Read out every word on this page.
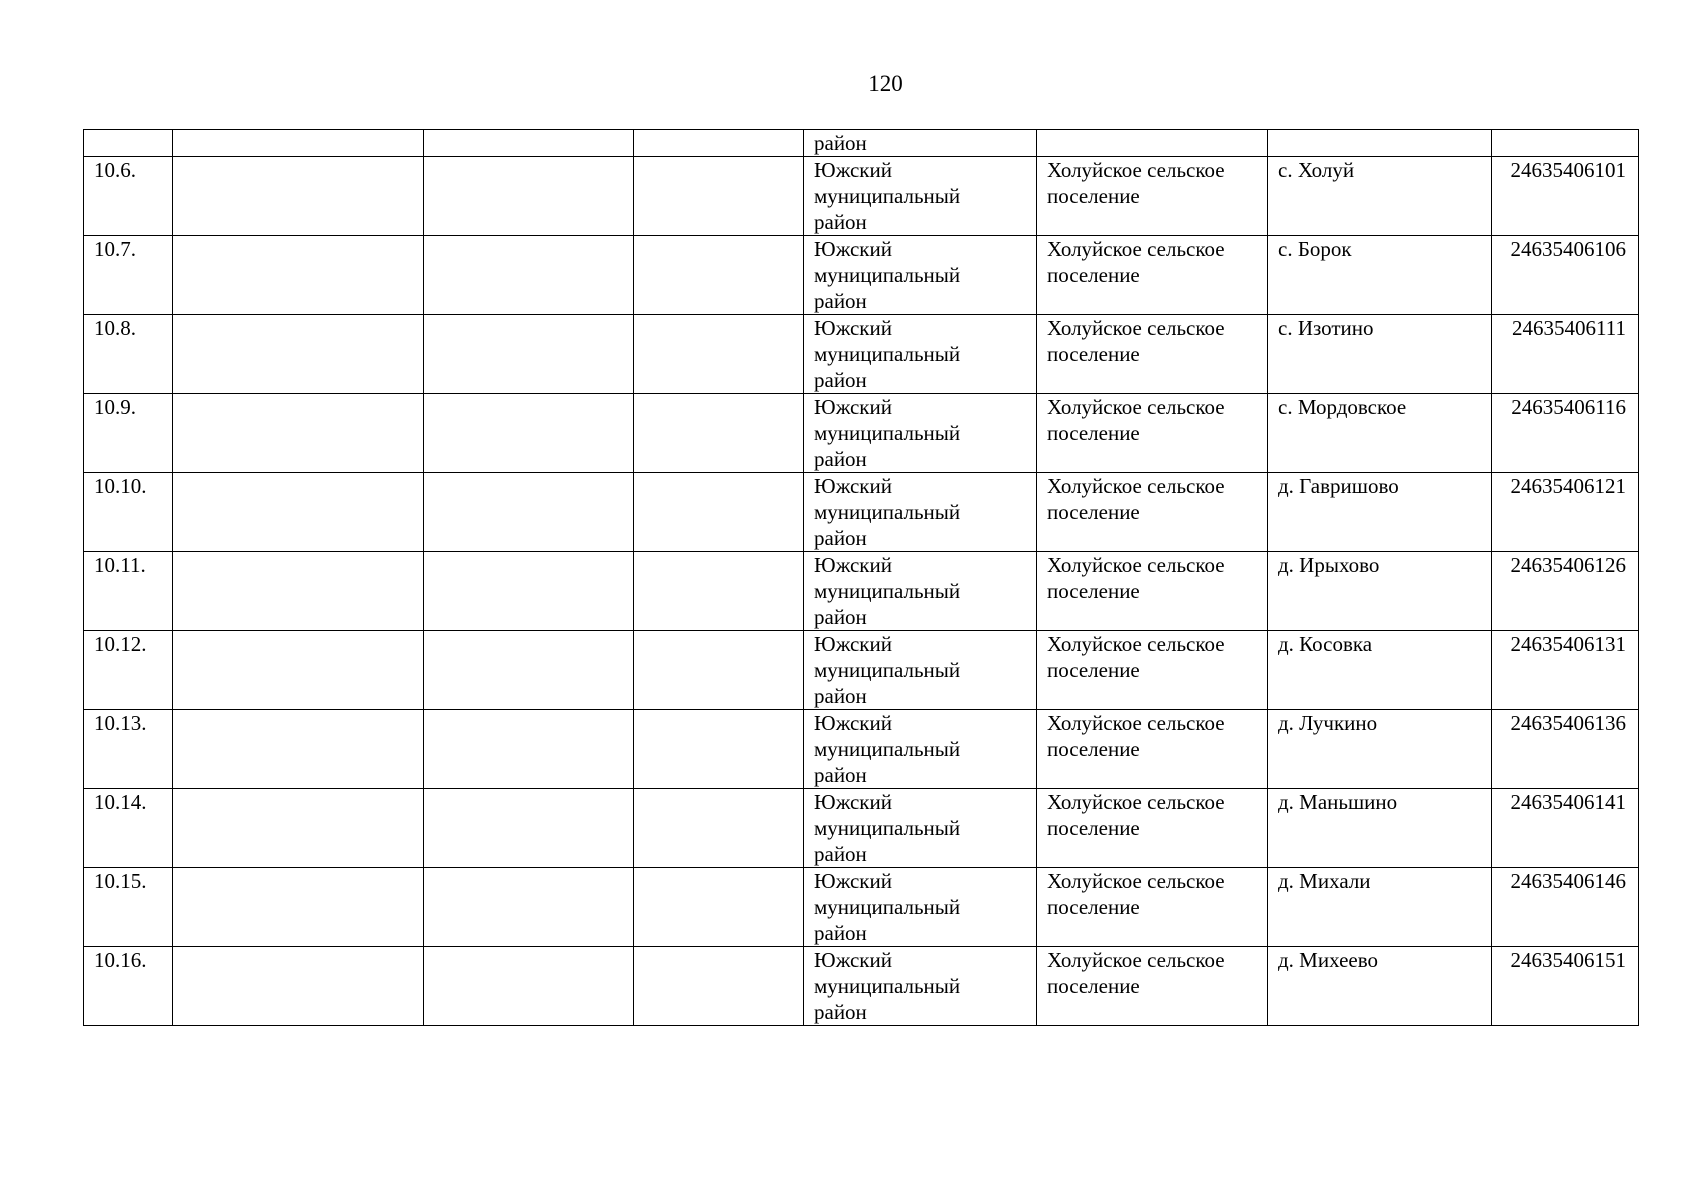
120
				район			
10.6.				Южский
муниципальный
район	Холуйское сельское
поселение	с. Холуй	24635406101
10.7.				Южский
муниципальный
район	Холуйское сельское
поселение	с. Борок	24635406106
10.8.				Южский
муниципальный
район	Холуйское сельское
поселение	с. Изотино	24635406111
10.9.				Южский
муниципальный
район	Холуйское сельское
поселение	с. Мордовское	24635406116
10.10.				Южский
муниципальный
район	Холуйское сельское
поселение	д. Гавришово	24635406121
10.11.				Южский
муниципальный
район	Холуйское сельское
поселение	д. Ирыхово	24635406126
10.12.				Южский
муниципальный
район	Холуйское сельское
поселение	д. Косовка	24635406131
10.13.				Южский
муниципальный
район	Холуйское сельское
поселение	д. Лучкино	24635406136
10.14.				Южский
муниципальный
район	Холуйское сельское
поселение	д. Маньшино	24635406141
10.15.				Южский
муниципальный
район	Холуйское сельское
поселение	д. Михали	24635406146
10.16.				Южский
муниципальный
район	Холуйское сельское
поселение	д. Михеево	24635406151
